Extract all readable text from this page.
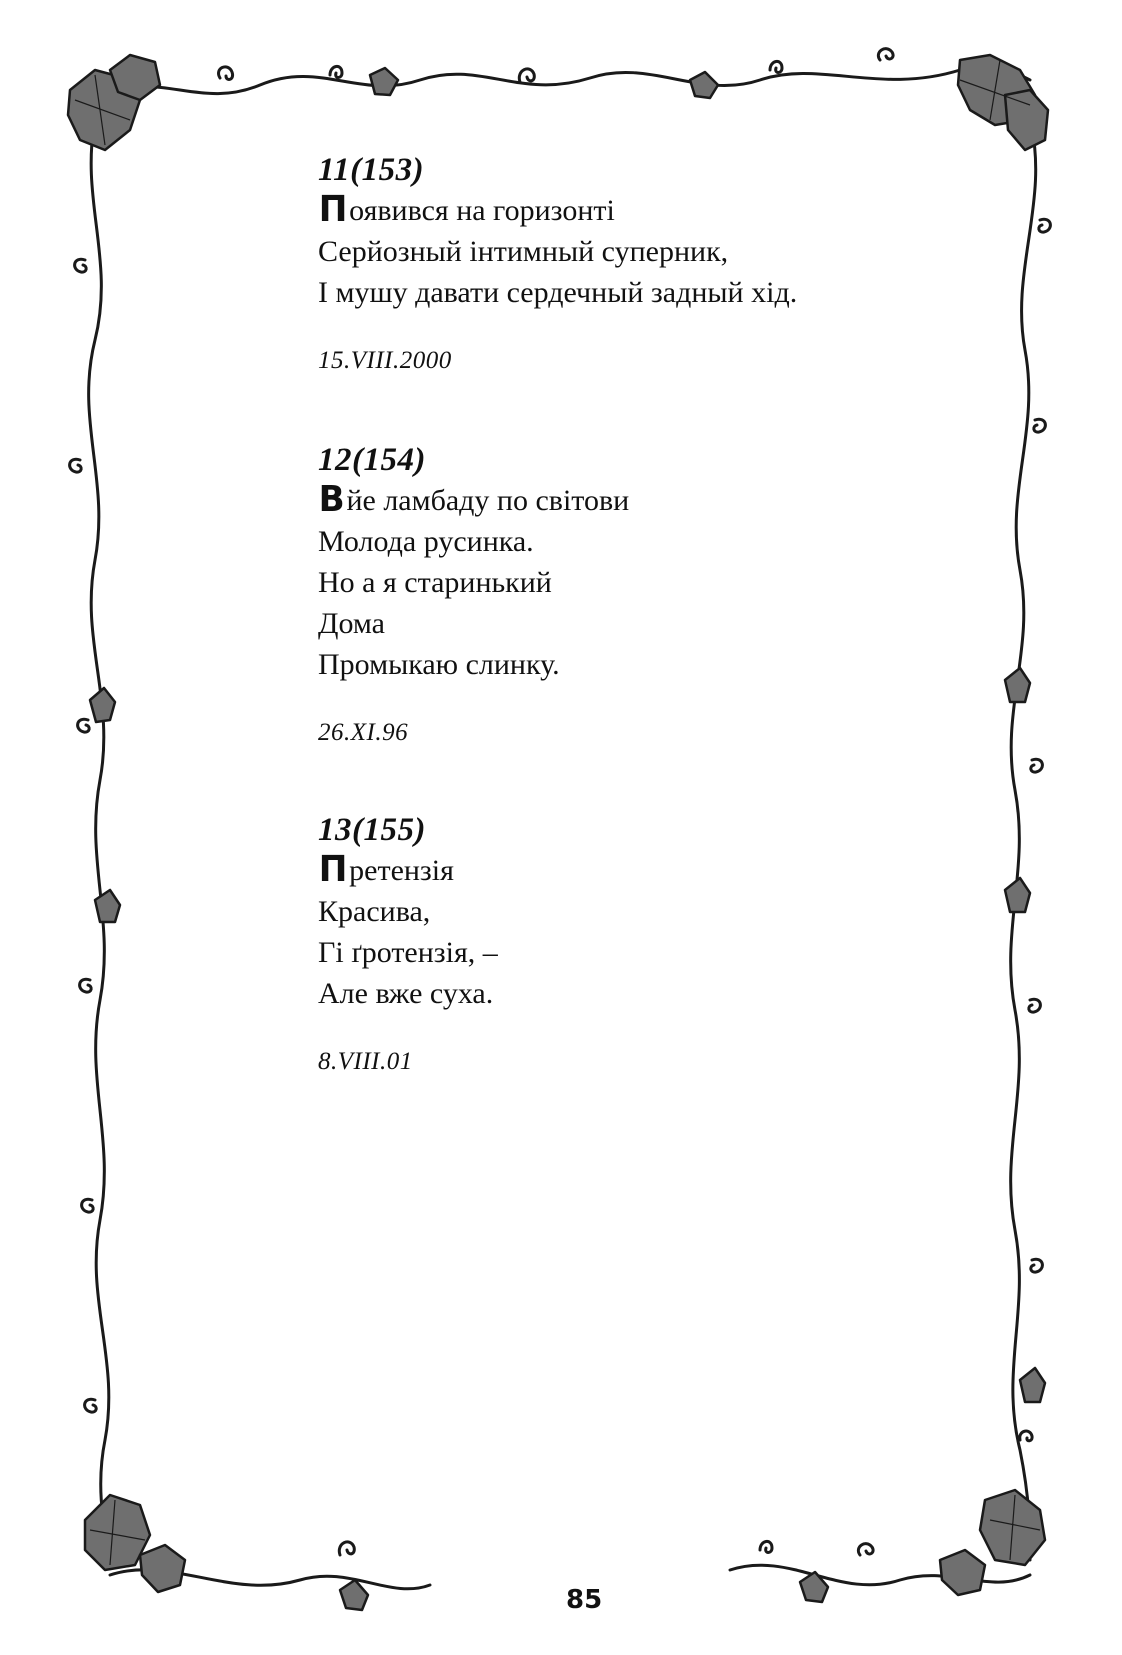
11(153)

Появився на горизонті

Серйозный інтимный суперник,

І мушу давати сердечный задный хід.

15.VIII.2000

12(154)

Вйе ламбаду по світови

Молода русинка.

Но а я старинький

Дома

Промыкаю слинку.

26.XI.96

13(155)

Претензія

Красива,

Гі ґротензія, –

Але вже суха.

8.VIII.01

85
